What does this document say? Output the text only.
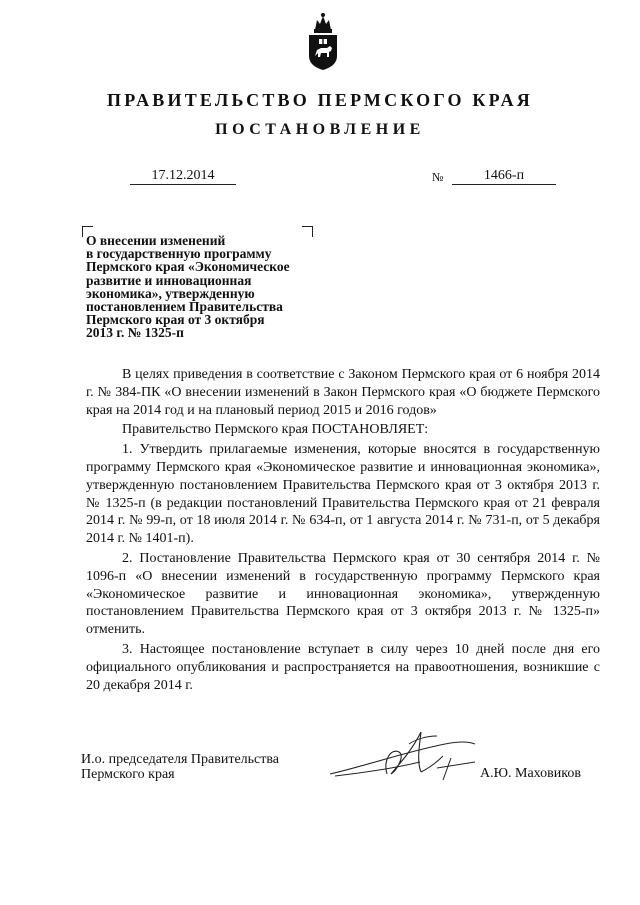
ПРАВИТЕЛЬСТВО ПЕРМСКОГО КРАЯ
ПОСТАНОВЛЕНИЕ
17.12.2014	№	1466-п
О внесении изменений
в государственную программу
Пермского края «Экономическое
развитие и инновационная
экономика», утвержденную
постановлением Правительства
Пермского края от 3 октября
2013 г. № 1325-п

В целях приведения в соответствие с Законом Пермского края от 6 ноября 2014 г. № 384-ПК «О внесении изменений в Закон Пермского края «О бюджете Пермского края на 2014 год и на плановый период 2015 и 2016 годов»

Правительство Пермского края ПОСТАНОВЛЯЕТ:

1. Утвердить прилагаемые изменения, которые вносятся в государственную программу Пермского края «Экономическое развитие и инновационная экономика», утвержденную постановлением Правительства Пермского края от 3 октября 2013 г. № 1325-п (в редакции постановлений Правительства Пермского края от 21 февраля 2014 г. № 99-п, от 18 июля 2014 г. № 634-п, от 1 августа 2014 г. № 731-п, от 5 декабря 2014 г. № 1401-п).

2. Постановление Правительства Пермского края от 30 сентября 2014 г. № 1096-п «О внесении изменений в государственную программу Пермского края «Экономическое развитие и инновационная экономика», утвержденную постановлением Правительства Пермского края от 3 октября 2013 г. № 1325-п» отменить.

3. Настоящее постановление вступает в силу через 10 дней после дня его официального опубликования и распространяется на правоотношения, возникшие с 20 декабря 2014 г.

И.о. председателя Правительства
Пермского края	А.Ю. Маховиков
